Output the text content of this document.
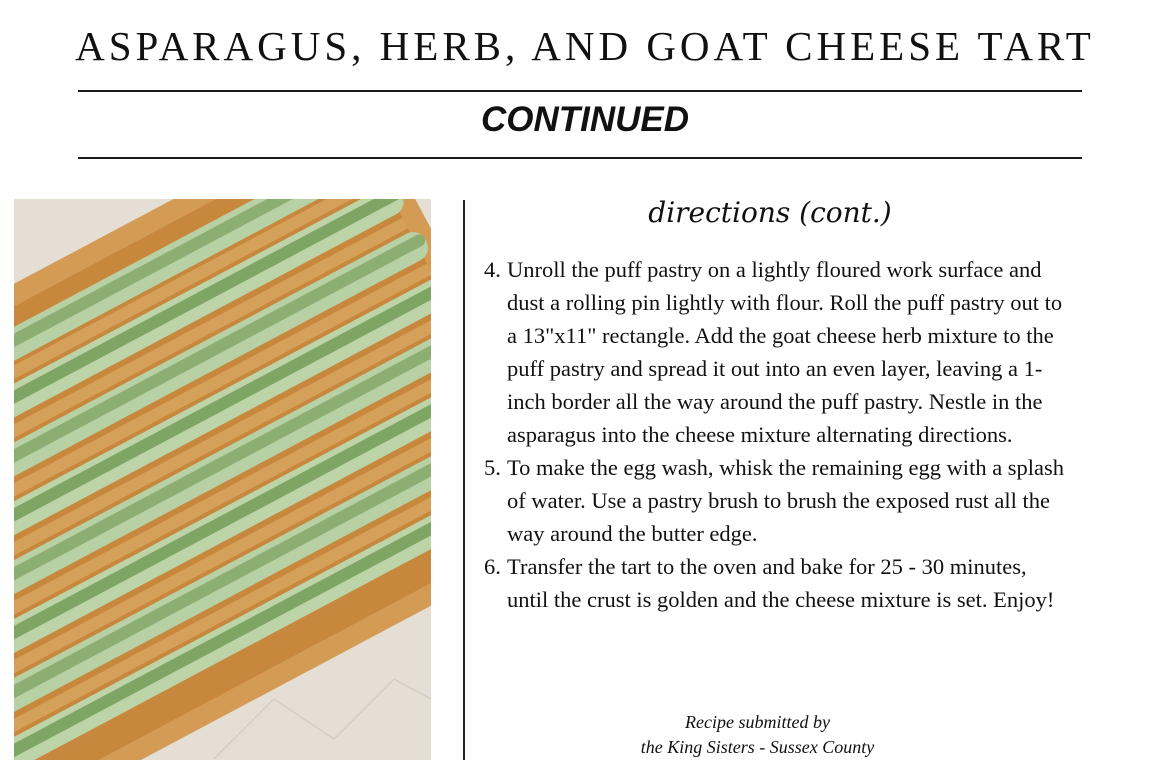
ASPARAGUS, HERB, AND GOAT CHEESE TART
CONTINUED
directions (cont.)
4. Unroll the puff pastry on a lightly floured work surface and dust a rolling pin lightly with flour. Roll the puff pastry out to a 13"x11" rectangle. Add the goat cheese herb mixture to the puff pastry and spread it out into an even layer, leaving a 1-inch border all the way around the puff pastry. Nestle in the asparagus into the cheese mixture alternating directions.
5. To make the egg wash, whisk the remaining egg with a splash of water. Use a pastry brush to brush the exposed rust all the way around the butter edge.
6. Transfer the tart to the oven and bake for 25 - 30 minutes, until the crust is golden and the cheese mixture is set. Enjoy!
Recipe submitted by
the King Sisters - Sussex County
